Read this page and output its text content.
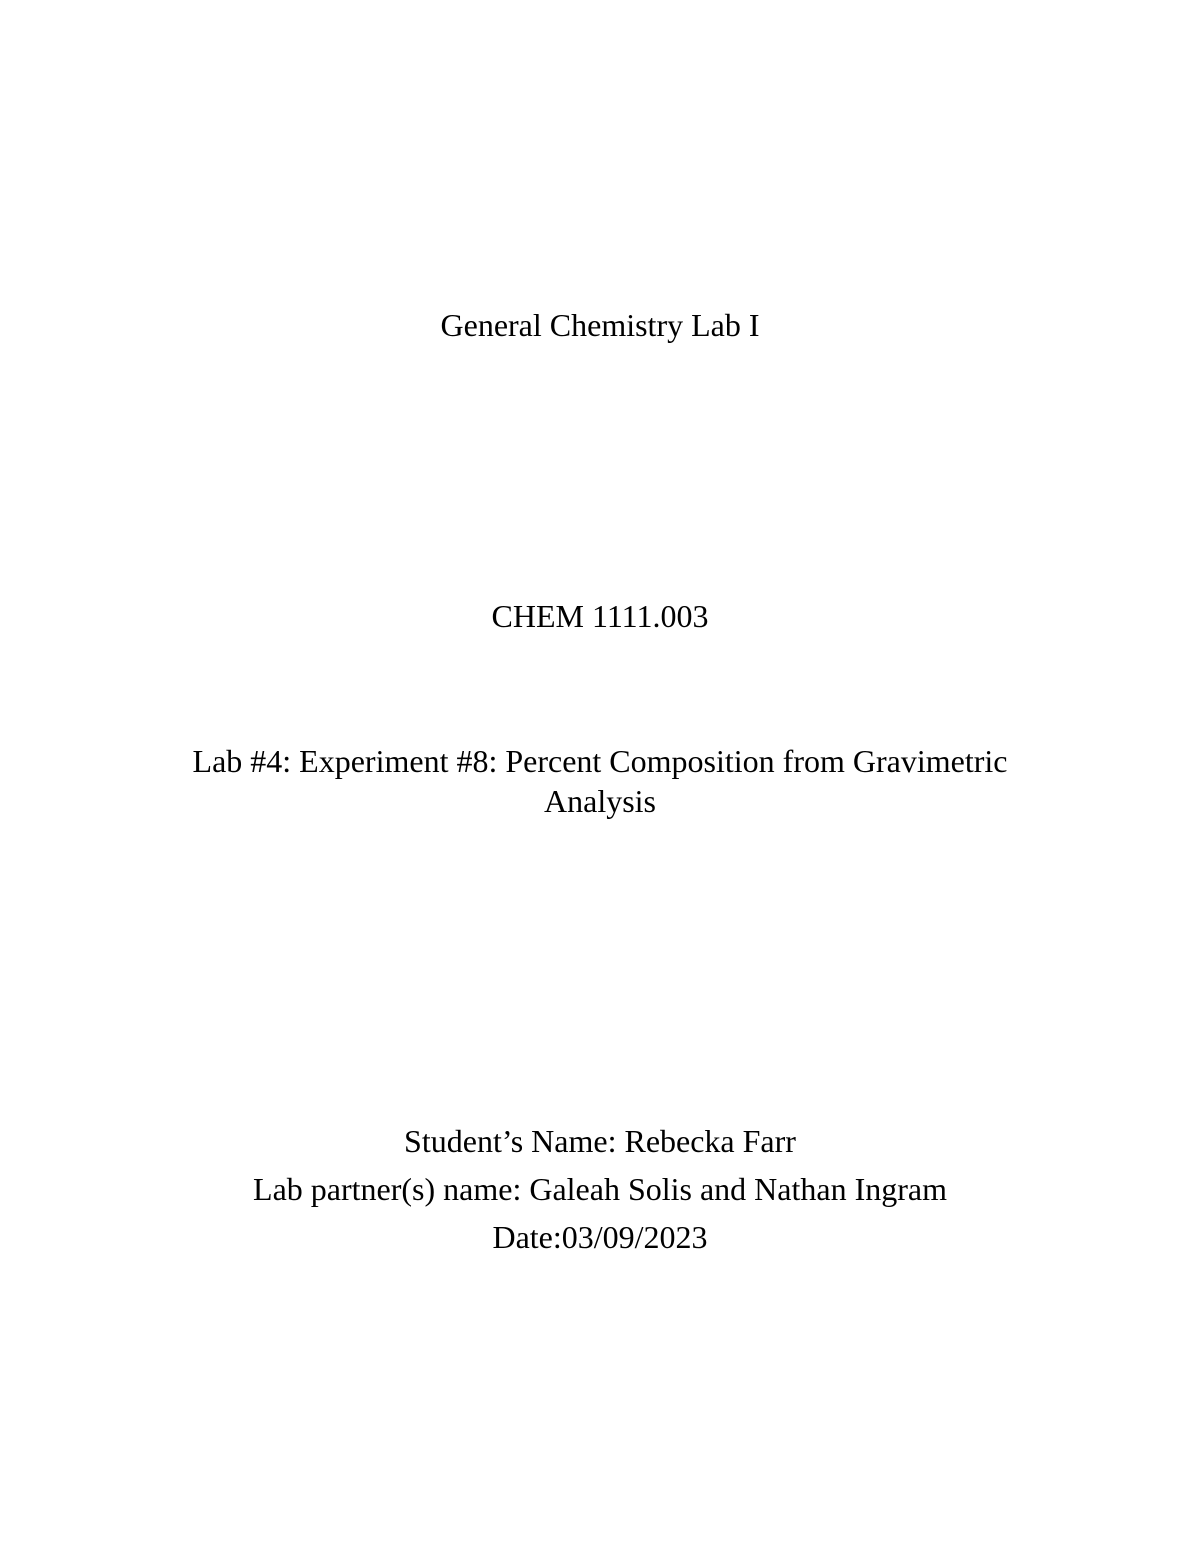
General Chemistry Lab I
CHEM 1111.003
Lab #4: Experiment #8: Percent Composition from Gravimetric
Analysis
Student’s Name: Rebecka Farr
Lab partner(s) name: Galeah Solis and Nathan Ingram
Date:03/09/2023
